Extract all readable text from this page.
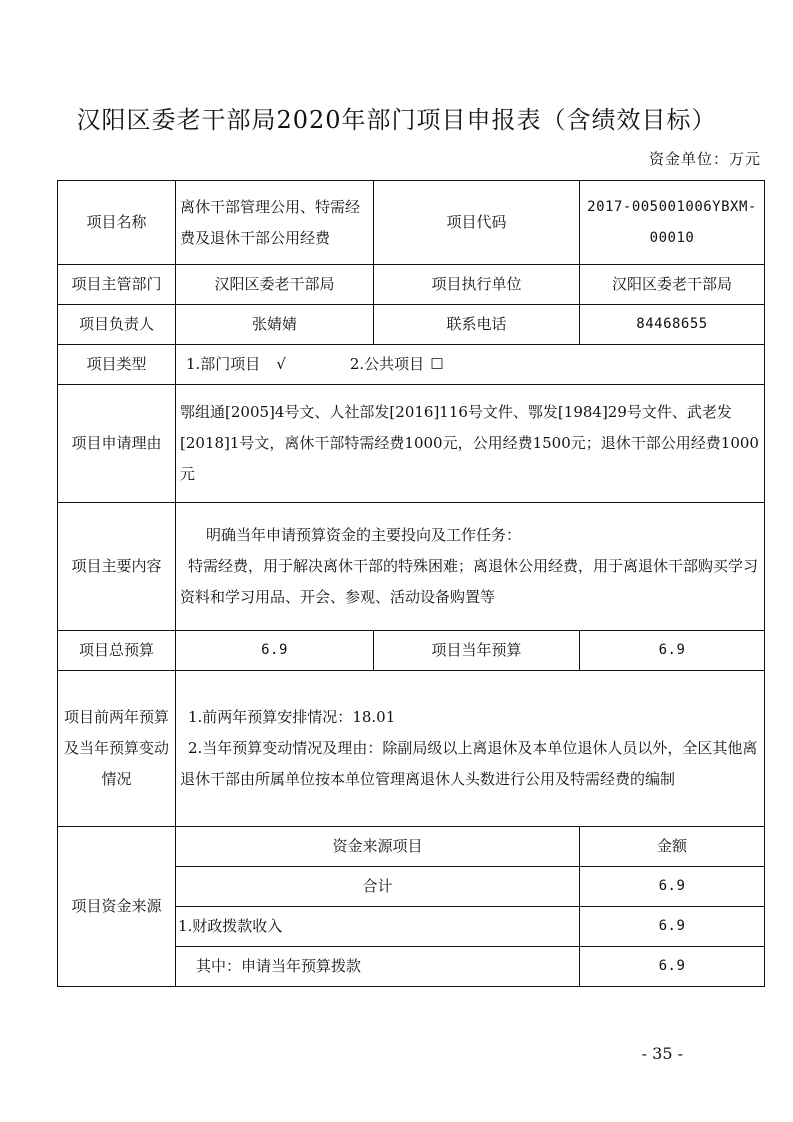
汉阳区委老干部局2020年部门项目申报表（含绩效目标）
资金单位：万元
项目名称	离休干部管理公用、特需经费及退休干部公用经费	项目代码	2017-005001006YBXM-00010
项目主管部门	汉阳区委老干部局	项目执行单位	汉阳区委老干部局
项目负责人	张婧婧	联系电话	84468655
项目类型	1.部门项目 √ 2.公共项目 ☐		
项目申请理由	鄂组通[2005]4号文、人社部发[2016]116号文件、鄂发[1984]29号文件、武老发[2018]1号文，离休干部特需经费1000元，公用经费1500元；退休干部公用经费1000元		
项目主要内容	明确当年申请预算资金的主要投向及工作任务：
特需经费，用于解决离休干部的特殊困难；离退休公用经费，用于离退休干部购买学习资料和学习用品、开会、参观、活动设备购置等		

项目总预算	6.9	项目当年预算	6.9
项目前两年预算及当年预算变动情况	1.前两年预算安排情况：18.01
2.当年预算变动情况及理由：除副局级以上离退休及本单位退休人员以外，全区其他离退休干部由所属单位按本单位管理离退休人头数进行公用及特需经费的编制		

项目资金来源	资金来源项目		金额
	合计		6.9
	1.财政拨款收入		6.9
	其中：申请当年预算拨款		6.9
- 35 -
